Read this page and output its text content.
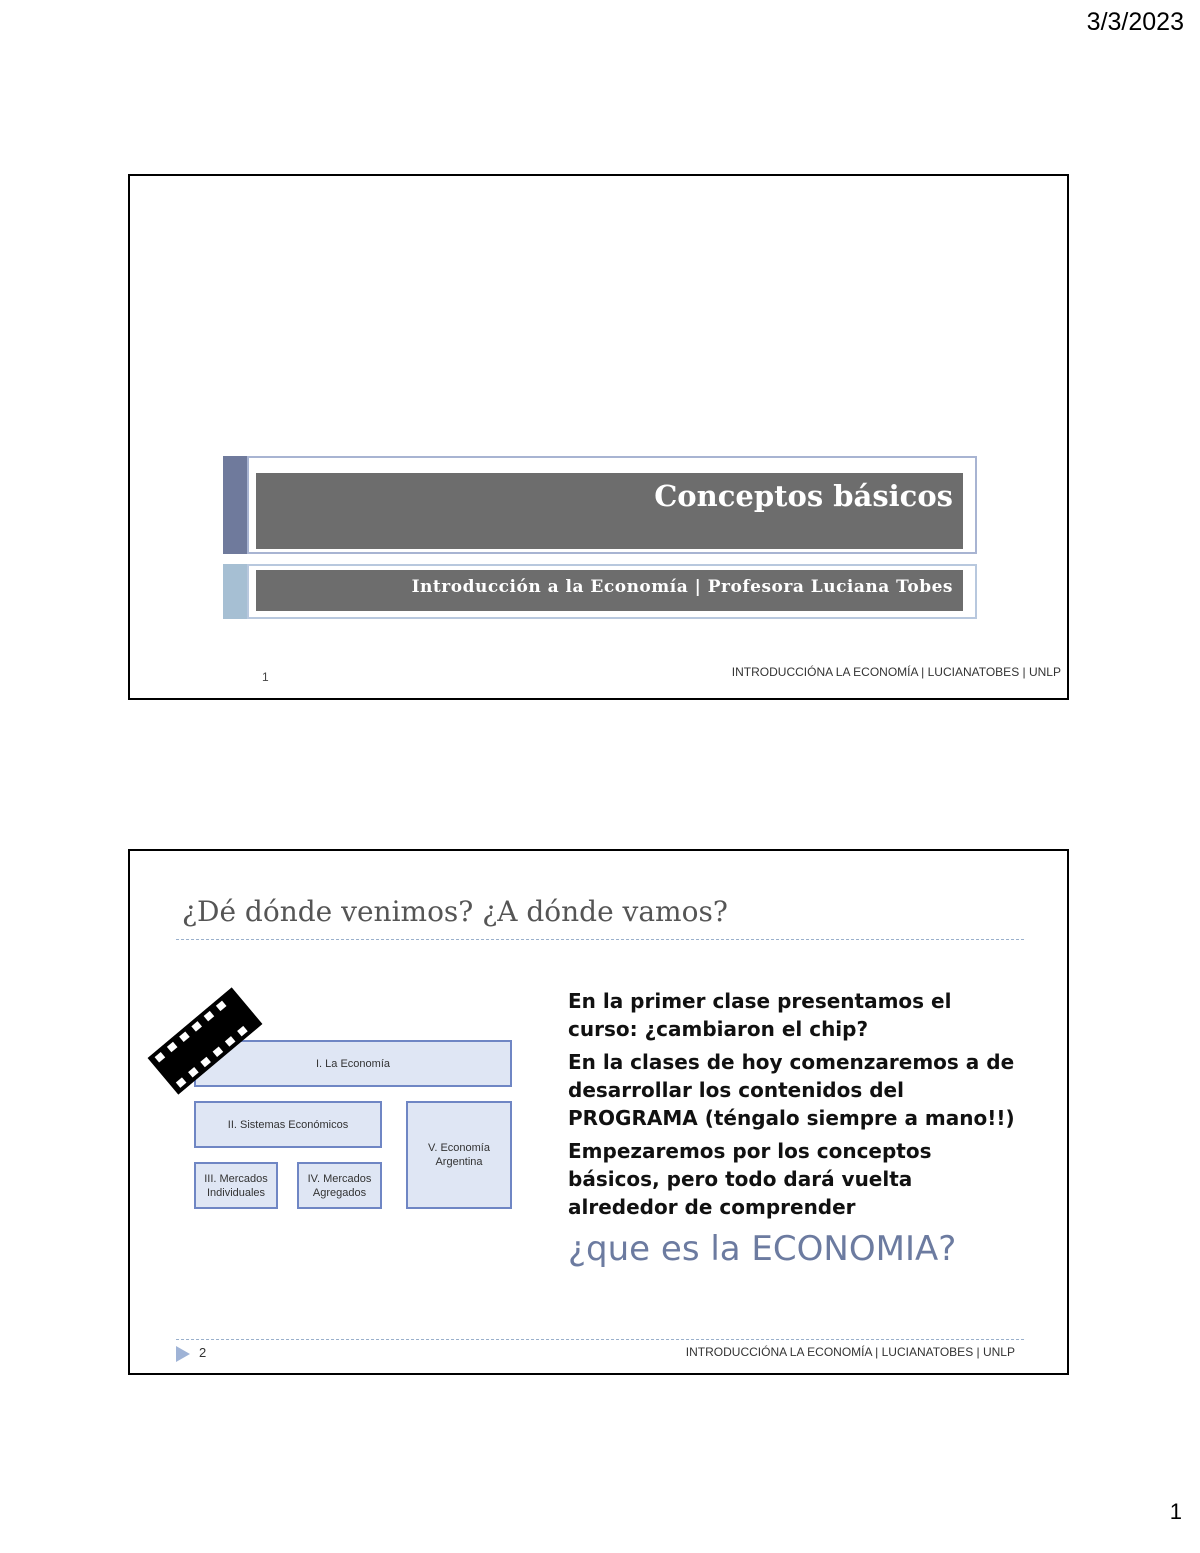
3/3/2023
Conceptos básicos
Introducción a la Economía | Profesora Luciana Tobes
1	INTRODUCCIÓNA LA ECONOMÍA | LUCIANATOBES | UNLP
¿Dé dónde venimos? ¿A dónde vamos?
I. La Economía
II. Sistemas Económicos
III. Mercados Individuales
IV. Mercados Agregados
V. Economía Argentina

En la primer clase presentamos el curso: ¿cambiaron el chip?

En la clases de hoy comenzaremos a de desarrollar los contenidos del PROGRAMA (téngalo siempre a mano!!)

Empezaremos por los conceptos básicos, pero todo dará vuelta alrededor de comprender

¿que es la ECONOMIA?
2	INTRODUCCIÓNA LA ECONOMÍA | LUCIANATOBES | UNLP
1
